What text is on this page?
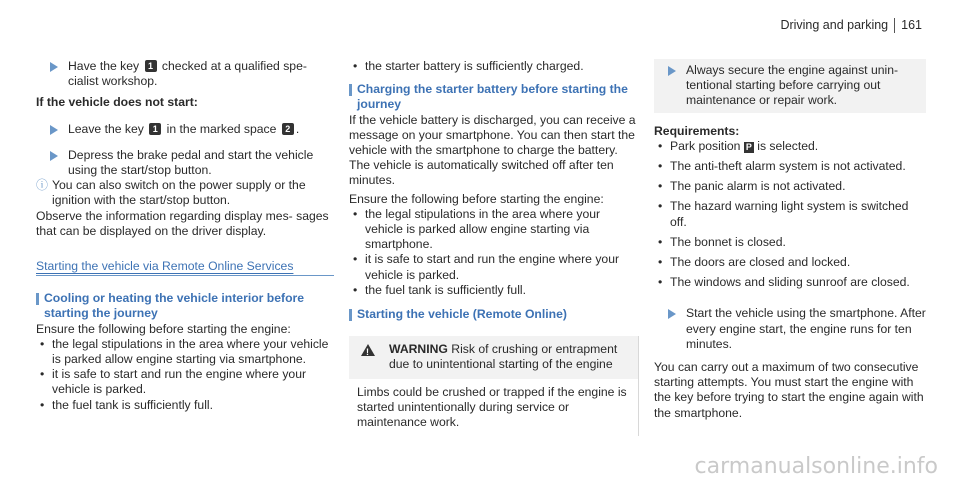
Driving and parking 161

Have the key 1 checked at a qualified spe- cialist workshop.

If the vehicle does not start:

Leave the key 1 in the marked space 2 .

Depress the brake pedal and start the vehicle using the start/stop button.

ⓘ You can also switch on the power supply or the ignition with the start/stop button.

Observe the information regarding display mes- sages that can be displayed on the driver display.

Starting the vehicle via Remote Online Services

Cooling or heating the vehicle interior before starting the journey

Ensure the following before starting the engine:

• the legal stipulations in the area where your vehicle is parked allow engine starting via smartphone.

• it is safe to start and run the engine where your vehicle is parked.

• the fuel tank is sufficiently full.

• the starter battery is sufficiently charged.

Charging the starter battery before starting the journey

If the vehicle battery is discharged, you can receive a message on your smartphone. You can then start the vehicle with the smartphone to charge the battery. The vehicle is automatically switched off after ten minutes.

Ensure the following before starting the engine:

• the legal stipulations in the area where your vehicle is parked allow engine starting via smartphone.

• it is safe to start and run the engine where your vehicle is parked.

• the fuel tank is sufficiently full.

Starting the vehicle (Remote Online)

!
WARNING Risk of crushing or entrapment due to unintentional starting of the engine
Limbs could be crushed or trapped if the engine is started unintentionally during service or maintenance work.

Always secure the engine against unin- tentional starting before carrying out maintenance or repair work.

Requirements:

• Park position P is selected.

• The anti-theft alarm system is not activated.

• The panic alarm is not activated.

• The hazard warning light system is switched off.

• The bonnet is closed.

• The doors are closed and locked.

• The windows and sliding sunroof are closed.

Start the vehicle using the smartphone. After every engine start, the engine runs for ten minutes.

You can carry out a maximum of two consecutive starting attempts. You must start the engine with the key before trying to start the engine again with the smartphone.

carmanualsonline.info
